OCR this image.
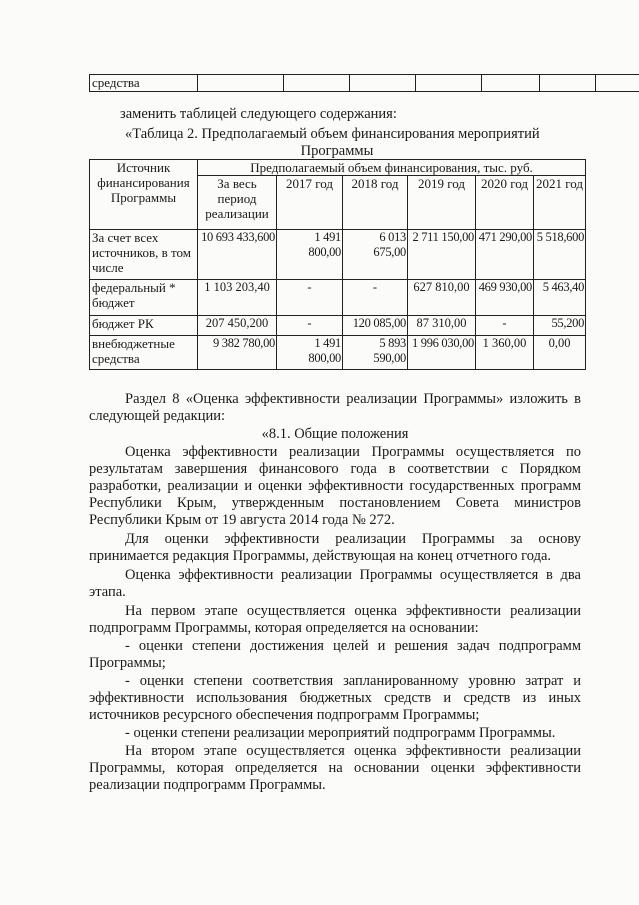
средства							
заменить таблицей следующего содержания:
«Таблица 2. Предполагаемый объем финансирования мероприятий
Программы
Источник финансирования Программы	Предполагаемый объем финансирования, тыс. руб.					
	За весь период реализации	2017 год	2018 год	2019 год	2020 год	2021 год
За счет всех источников, в том числе	10 693 433,600	1 491 800,00	6 013 675,00	2 711 150,00	471 290,00	5 518,600
федеральный * бюджет	1 103 203,40	-	-	627 810,00	469 930,00	5 463,40
бюджет РК	207 450,200	-	120 085,00	87 310,00	-	55,200
внебюджетные средства	9 382 780,00	1 491 800,00	5 893 590,00	1 996 030,00	1 360,00	0,00
Раздел 8 «Оценка эффективности реализации Программы» изложить в
следующей редакции:
«8.1. Общие положения
Оценка эффективности реализации Программы осуществляется по
результатам завершения финансового года в соответствии с Порядком
разработки, реализации и оценки эффективности государственных программ
Республики Крым, утвержденным постановлением Совета министров
Республики Крым от 19 августа 2014 года № 272.
Для оценки эффективности реализации Программы за основу
принимается редакция Программы, действующая на конец отчетного года.
Оценка эффективности реализации Программы осуществляется в два
этапа.
На первом этапе осуществляется оценка эффективности реализации
подпрограмм Программы, которая определяется на основании:
- оценки степени достижения целей и решения задач подпрограмм
Программы;
- оценки степени соответствия запланированному уровню затрат и
эффективности использования бюджетных средств и средств из иных
источников ресурсного обеспечения подпрограмм Программы;
- оценки степени реализации мероприятий подпрограмм Программы.
На втором этапе осуществляется оценка эффективности реализации
Программы, которая определяется на основании оценки эффективности
реализации подпрограмм Программы.
